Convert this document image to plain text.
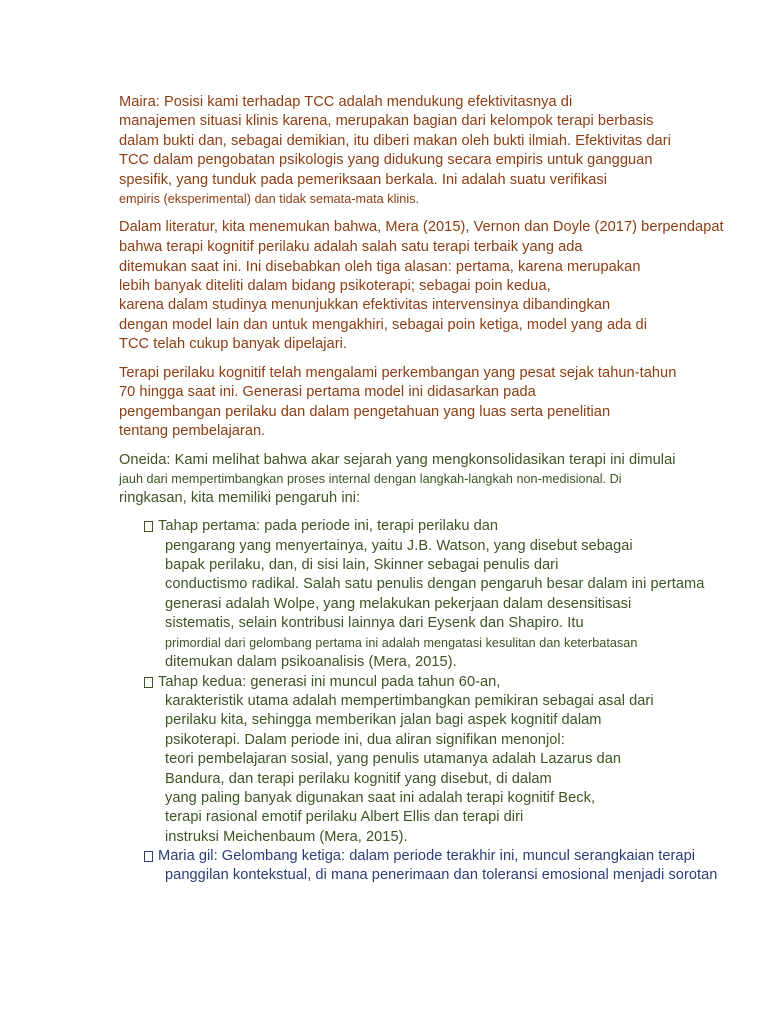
Maira: Posisi kami terhadap TCC adalah mendukung efektivitasnya di
manajemen situasi klinis karena, merupakan bagian dari kelompok terapi berbasis
dalam bukti dan, sebagai demikian, itu diberi makan oleh bukti ilmiah. Efektivitas dari
TCC dalam pengobatan psikologis yang didukung secara empiris untuk gangguan
spesifik, yang tunduk pada pemeriksaan berkala. Ini adalah suatu verifikasi
empiris (eksperimental) dan tidak semata-mata klinis.
Dalam literatur, kita menemukan bahwa, Mera (2015), Vernon dan Doyle (2017) berpendapat
bahwa terapi kognitif perilaku adalah salah satu terapi terbaik yang ada
ditemukan saat ini. Ini disebabkan oleh tiga alasan: pertama, karena merupakan
lebih banyak diteliti dalam bidang psikoterapi; sebagai poin kedua,
karena dalam studinya menunjukkan efektivitas intervensinya dibandingkan
dengan model lain dan untuk mengakhiri, sebagai poin ketiga, model yang ada di
TCC telah cukup banyak dipelajari.
Terapi perilaku kognitif telah mengalami perkembangan yang pesat sejak tahun-tahun
70 hingga saat ini. Generasi pertama model ini didasarkan pada
pengembangan perilaku dan dalam pengetahuan yang luas serta penelitian
tentang pembelajaran.
Oneida: Kami melihat bahwa akar sejarah yang mengkonsolidasikan terapi ini dimulai
jauh dari mempertimbangkan proses internal dengan langkah-langkah non-medisional. Di
ringkasan, kita memiliki pengaruh ini:
Tahap pertama: pada periode ini, terapi perilaku dan
pengarang yang menyertainya, yaitu J.B. Watson, yang disebut sebagai
bapak perilaku, dan, di sisi lain, Skinner sebagai penulis dari
conductismo radikal. Salah satu penulis dengan pengaruh besar dalam ini pertama
generasi adalah Wolpe, yang melakukan pekerjaan dalam desensitisasi
sistematis, selain kontribusi lainnya dari Eysenk dan Shapiro. Itu
primordial dari gelombang pertama ini adalah mengatasi kesulitan dan keterbatasan
ditemukan dalam psikoanalisis (Mera, 2015).
Tahap kedua: generasi ini muncul pada tahun 60-an,
karakteristik utama adalah mempertimbangkan pemikiran sebagai asal dari
perilaku kita, sehingga memberikan jalan bagi aspek kognitif dalam
psikoterapi. Dalam periode ini, dua aliran signifikan menonjol:
teori pembelajaran sosial, yang penulis utamanya adalah Lazarus dan
Bandura, dan terapi perilaku kognitif yang disebut, di dalam
yang paling banyak digunakan saat ini adalah terapi kognitif Beck,
terapi rasional emotif perilaku Albert Ellis dan terapi diri
instruksi Meichenbaum (Mera, 2015).
Maria gil: Gelombang ketiga: dalam periode terakhir ini, muncul serangkaian terapi
panggilan kontekstual, di mana penerimaan dan toleransi emosional menjadi sorotan
